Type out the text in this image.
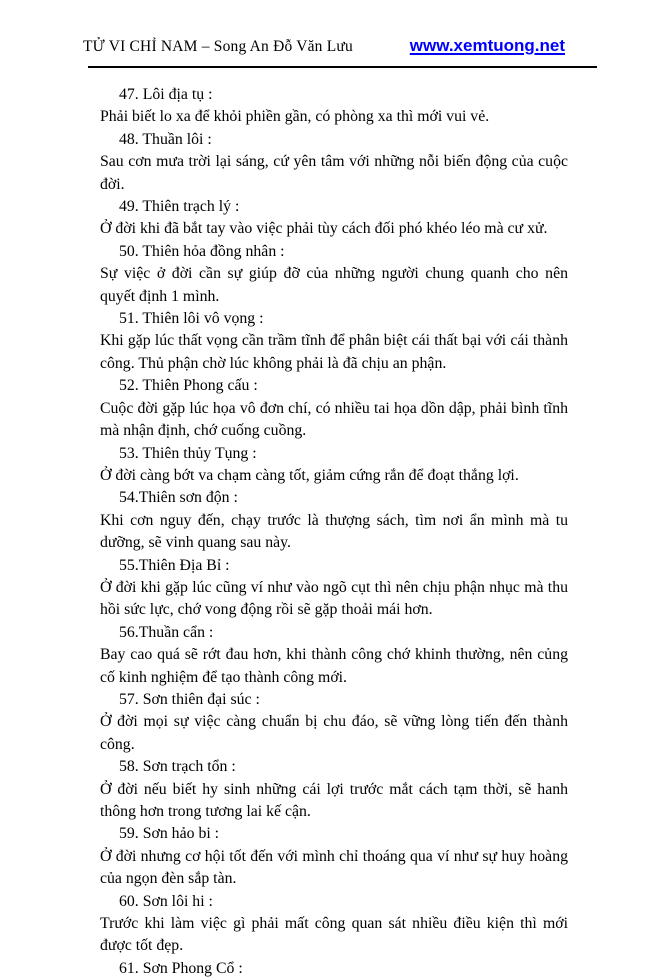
TỬ VI CHỈ NAM – Song An Đỗ Văn Lưu	www.xemtuong.net

47. Lôi địa tụ :

Phải biết lo xa để khỏi phiền gần, có phòng xa thì mới vui vẻ.

48. Thuần lôi :

Sau cơn mưa trời lại sáng, cứ yên tâm với những nỗi biến động của cuộc đời.

49. Thiên trạch lý :

Ở đời khi đã bắt tay vào việc phải tùy cách đối phó khéo léo mà cư xử.

50. Thiên hỏa đồng nhân :

Sự việc ở đời cần sự giúp đỡ của những người chung quanh cho nên quyết định 1 mình.

51. Thiên lôi vô vọng :

Khi gặp lúc thất vọng cần trầm tĩnh để phân biệt cái thất bại với cái thành công. Thủ phận chờ lúc không phải là đã chịu an phận.

52. Thiên Phong cấu :

Cuộc đời gặp lúc họa vô đơn chí, có nhiều tai họa dồn dập, phải bình tĩnh mà nhận định, chớ cuống cuồng.

53. Thiên thủy Tụng :

Ở đời càng bớt va chạm càng tốt, giảm cứng rắn để đoạt thắng lợi.

54.Thiên sơn độn :

Khi cơn nguy đến, chạy trước là thượng sách, tìm nơi ẩn mình mà tu dưỡng, sẽ vinh quang sau này.

55.Thiên Địa Bỉ :

Ở đời khi gặp lúc cũng ví như vào ngõ cụt thì nên chịu phận nhục mà thu hồi sức lực, chớ vong động rồi sẽ gặp thoải mái hơn.

56.Thuần cẩn :

Bay cao quá sẽ rớt đau hơn, khi thành công chớ khinh thường, nên củng cố kinh nghiệm để tạo thành công mới.

57. Sơn thiên đại súc :

Ở đời mọi sự việc càng chuẩn bị chu đáo, sẽ vững lòng tiến đến thành công.

58. Sơn trạch tổn :

Ở đời nếu biết hy sinh những cái lợi trước mắt cách tạm thời, sẽ hanh thông hơn trong tương lai kế cận.

59. Sơn hảo bi :

Ở đời nhưng cơ hội tốt đến với mình chỉ thoáng qua ví như sự huy hoàng của ngọn đèn sắp tàn.

60. Sơn lôi hi :

Trước khi làm việc gì phải mất công quan sát nhiều điều kiện thì mới được tốt đẹp.

61. Sơn Phong Cổ :
